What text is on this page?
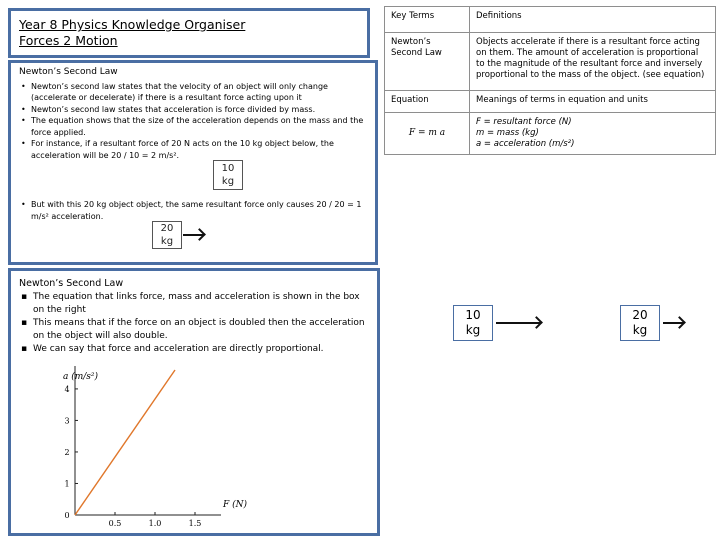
Year 8 Physics Knowledge Organiser
Forces 2 Motion
Newton’s Second Law
• Newton’s second law states that the velocity of an object will only change (accelerate or decelerate) if there is a resultant force acting upon it
• Newton’s second law states that acceleration is force divided by mass.
• The equation shows that the size of the acceleration depends on the mass and the force applied.
• For instance, if a resultant force of 20 N acts on the 10 kg object below, the acceleration will be 20 / 10 = 2 m/s².
• But with this 20 kg object object, the same resultant force only causes 20 / 20 = 1 m/s² acceleration.
10
kg
20
kg
Newton’s Second Law
▪ The equation that links force, mass and acceleration is shown in the box on the right
▪ This means that if the force on an object is doubled then the acceleration on the object will also double.
▪ We can say that force and acceleration are directly proportional.
0
1
2
3
4
0.5	1.0	1.5
a (m/s²)
F (N)
Key Terms	Definitions
Newton’s Second Law	Objects accelerate if there is a resultant force acting on them. The amount of acceleration is proportional to the magnitude of the resultant force and inversely proportional to the mass of the object. (see equation)
Equation	Meanings of terms in equation and units
F = m a	F = resultant force (N)
m = mass (kg)
a = acceleration (m/s²)
10
kg
20
kg
